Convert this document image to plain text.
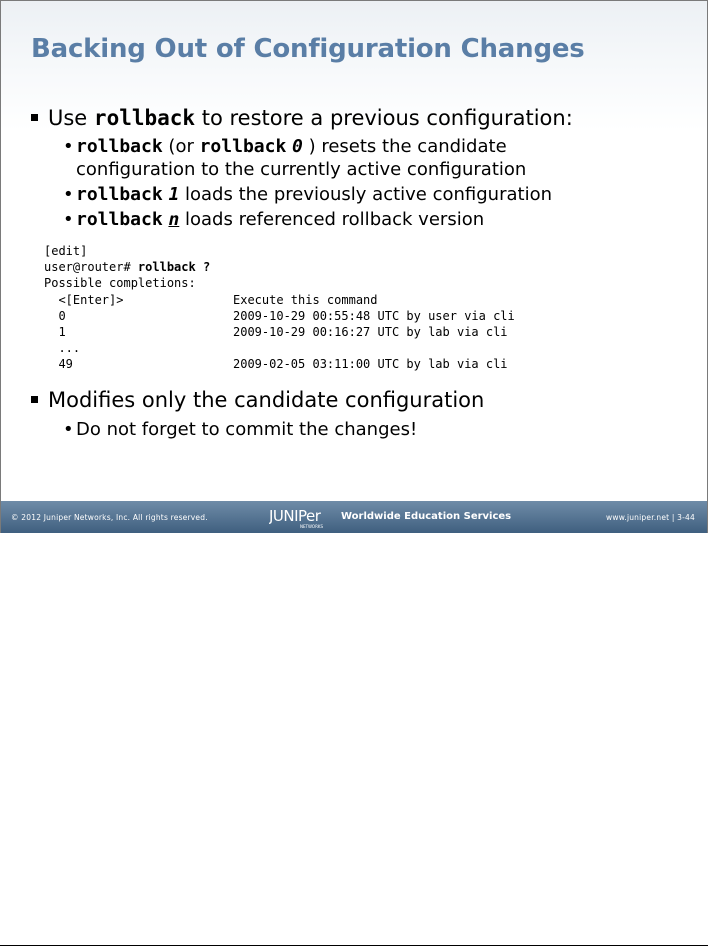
Backing Out of Configuration Changes
Use rollback to restore a previous configuration:
• rollback (or rollback 0 ) resets the candidate
configuration to the currently active configuration
• rollback 1 loads the previously active configuration
• rollback n loads referenced rollback version
[edit]
user@router# rollback ?
Possible completions:
<[Enter]>	Execute this command
0	2009-10-29 00:55:48 UTC by user via cli
1	2009-10-29 00:16:27 UTC by lab via cli
...
49	2009-02-05 03:11:00 UTC by lab via cli
Modifies only the candidate configuration
• Do not forget to commit the changes!
© 2012 Juniper Networks, Inc. All rights reserved.	JUNIPer
NETWORKS
Worldwide Education Services	www.juniper.net | 3-44
